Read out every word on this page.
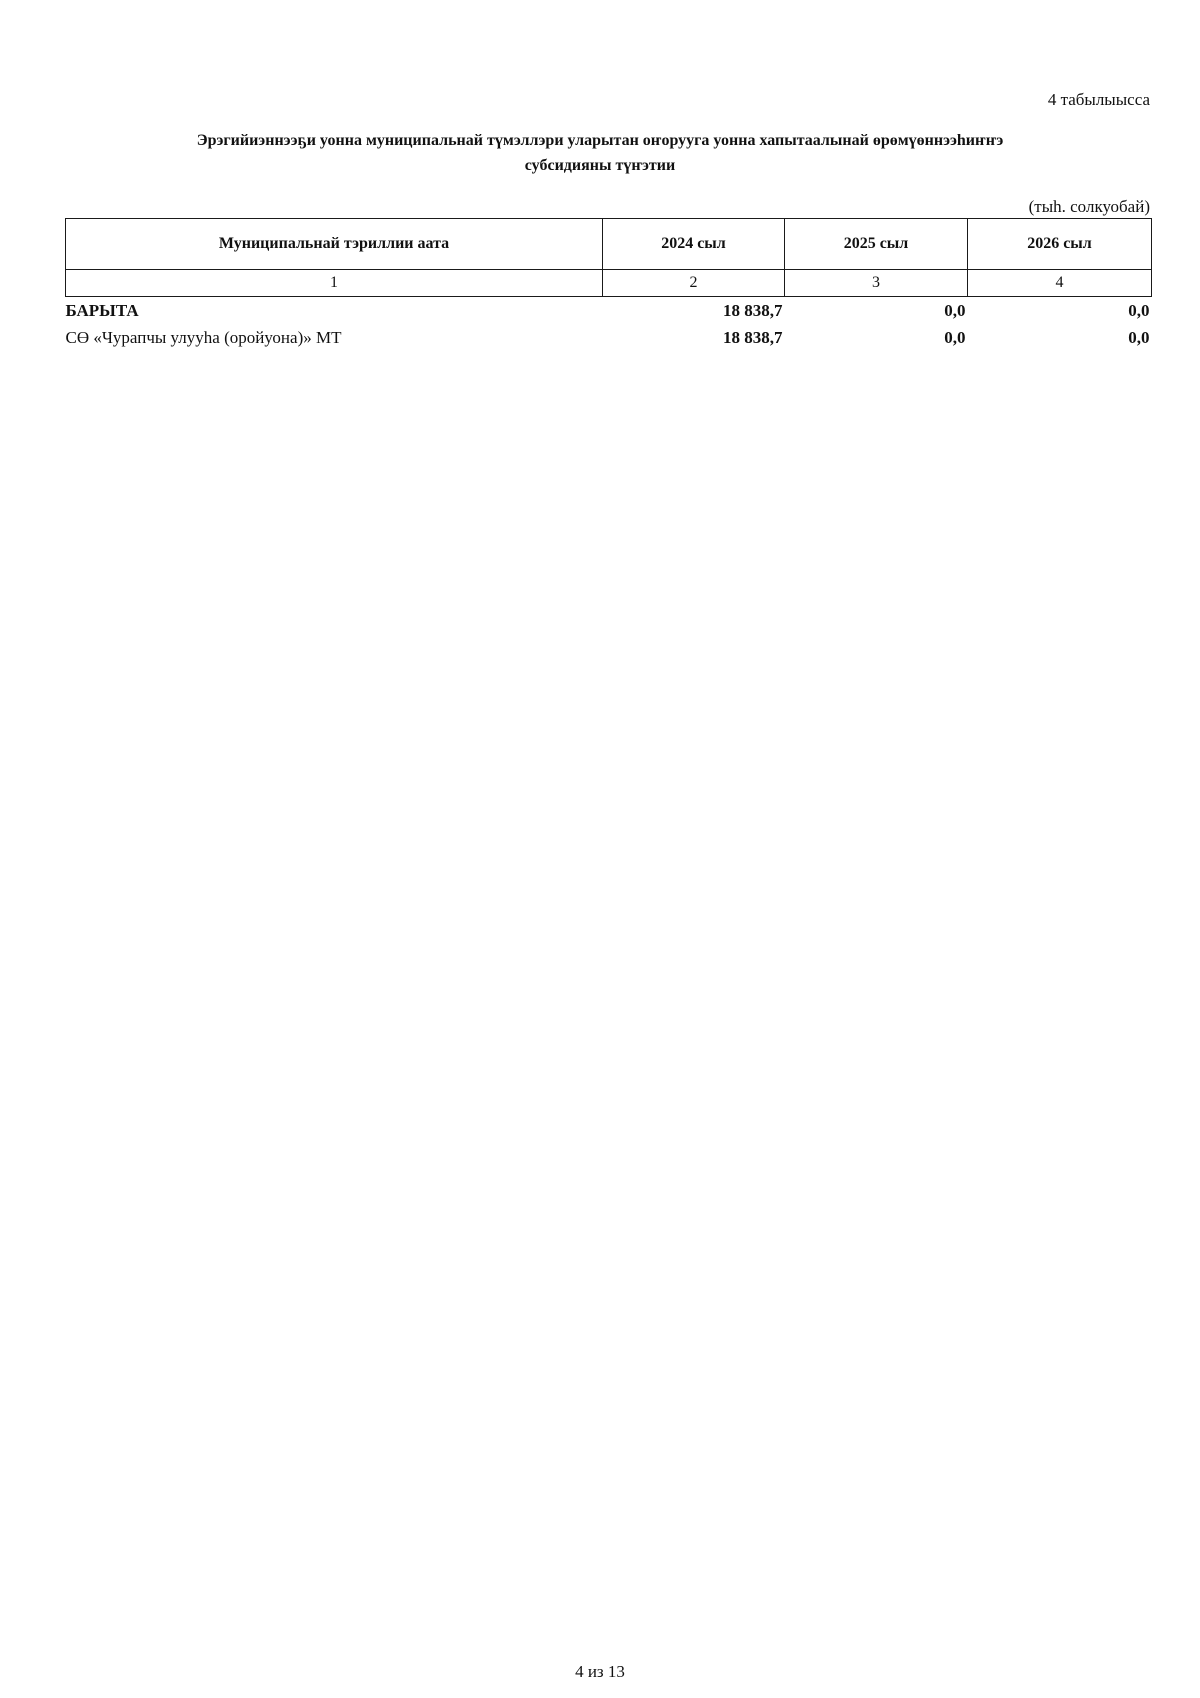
4 табылыысса
Эрэгийиэннээҕи уонна муниципальнай түмэллэри уларытан оҥорууга уонна хапытаалынай өрөмүөннээһиҥҥэ
субсидияны түҥэтии
(тыһ. солкуобай)
Муниципальнай тэриллии аата	2024 сыл	2025 сыл	2026 сыл
1	2	3	4
БАРЫТА	18 838,7	0,0	0,0
СӨ «Чурапчы улууһа (оройуона)» МТ	18 838,7	0,0	0,0
4 из 13
